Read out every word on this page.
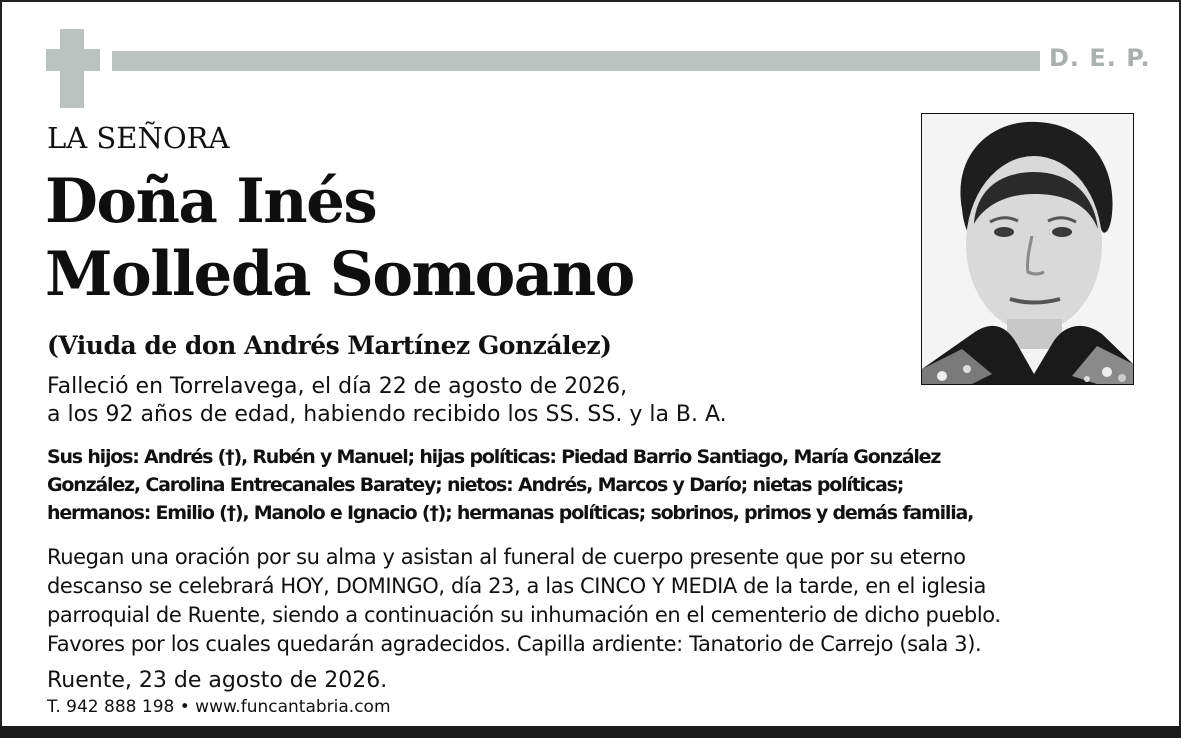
D. E. P.
LA SEÑORA
Doña Inés
Molleda Somoano
(Viuda de don Andrés Martínez González)
Falleció en Torrelavega, el día 22 de agosto de 2026,
a los 92 años de edad, habiendo recibido los SS. SS. y la B. A.
Sus hijos: Andrés (†), Rubén y Manuel; hijas políticas: Piedad Barrio Santiago, María González
González, Carolina Entrecanales Baratey; nietos: Andrés, Marcos y Darío; nietas políticas;
hermanos: Emilio (†), Manolo e Ignacio (†); hermanas políticas; sobrinos, primos y demás familia,
Ruegan una oración por su alma y asistan al funeral de cuerpo presente que por su eterno
descanso se celebrará HOY, DOMINGO, día 23, a las CINCO Y MEDIA de la tarde, en el iglesia
parroquial de Ruente, siendo a continuación su inhumación en el cementerio de dicho pueblo.
Favores por los cuales quedarán agradecidos. Capilla ardiente: Tanatorio de Carrejo (sala 3).
Ruente, 23 de agosto de 2026.
T. 942 888 198 • www.funcantabria.com
